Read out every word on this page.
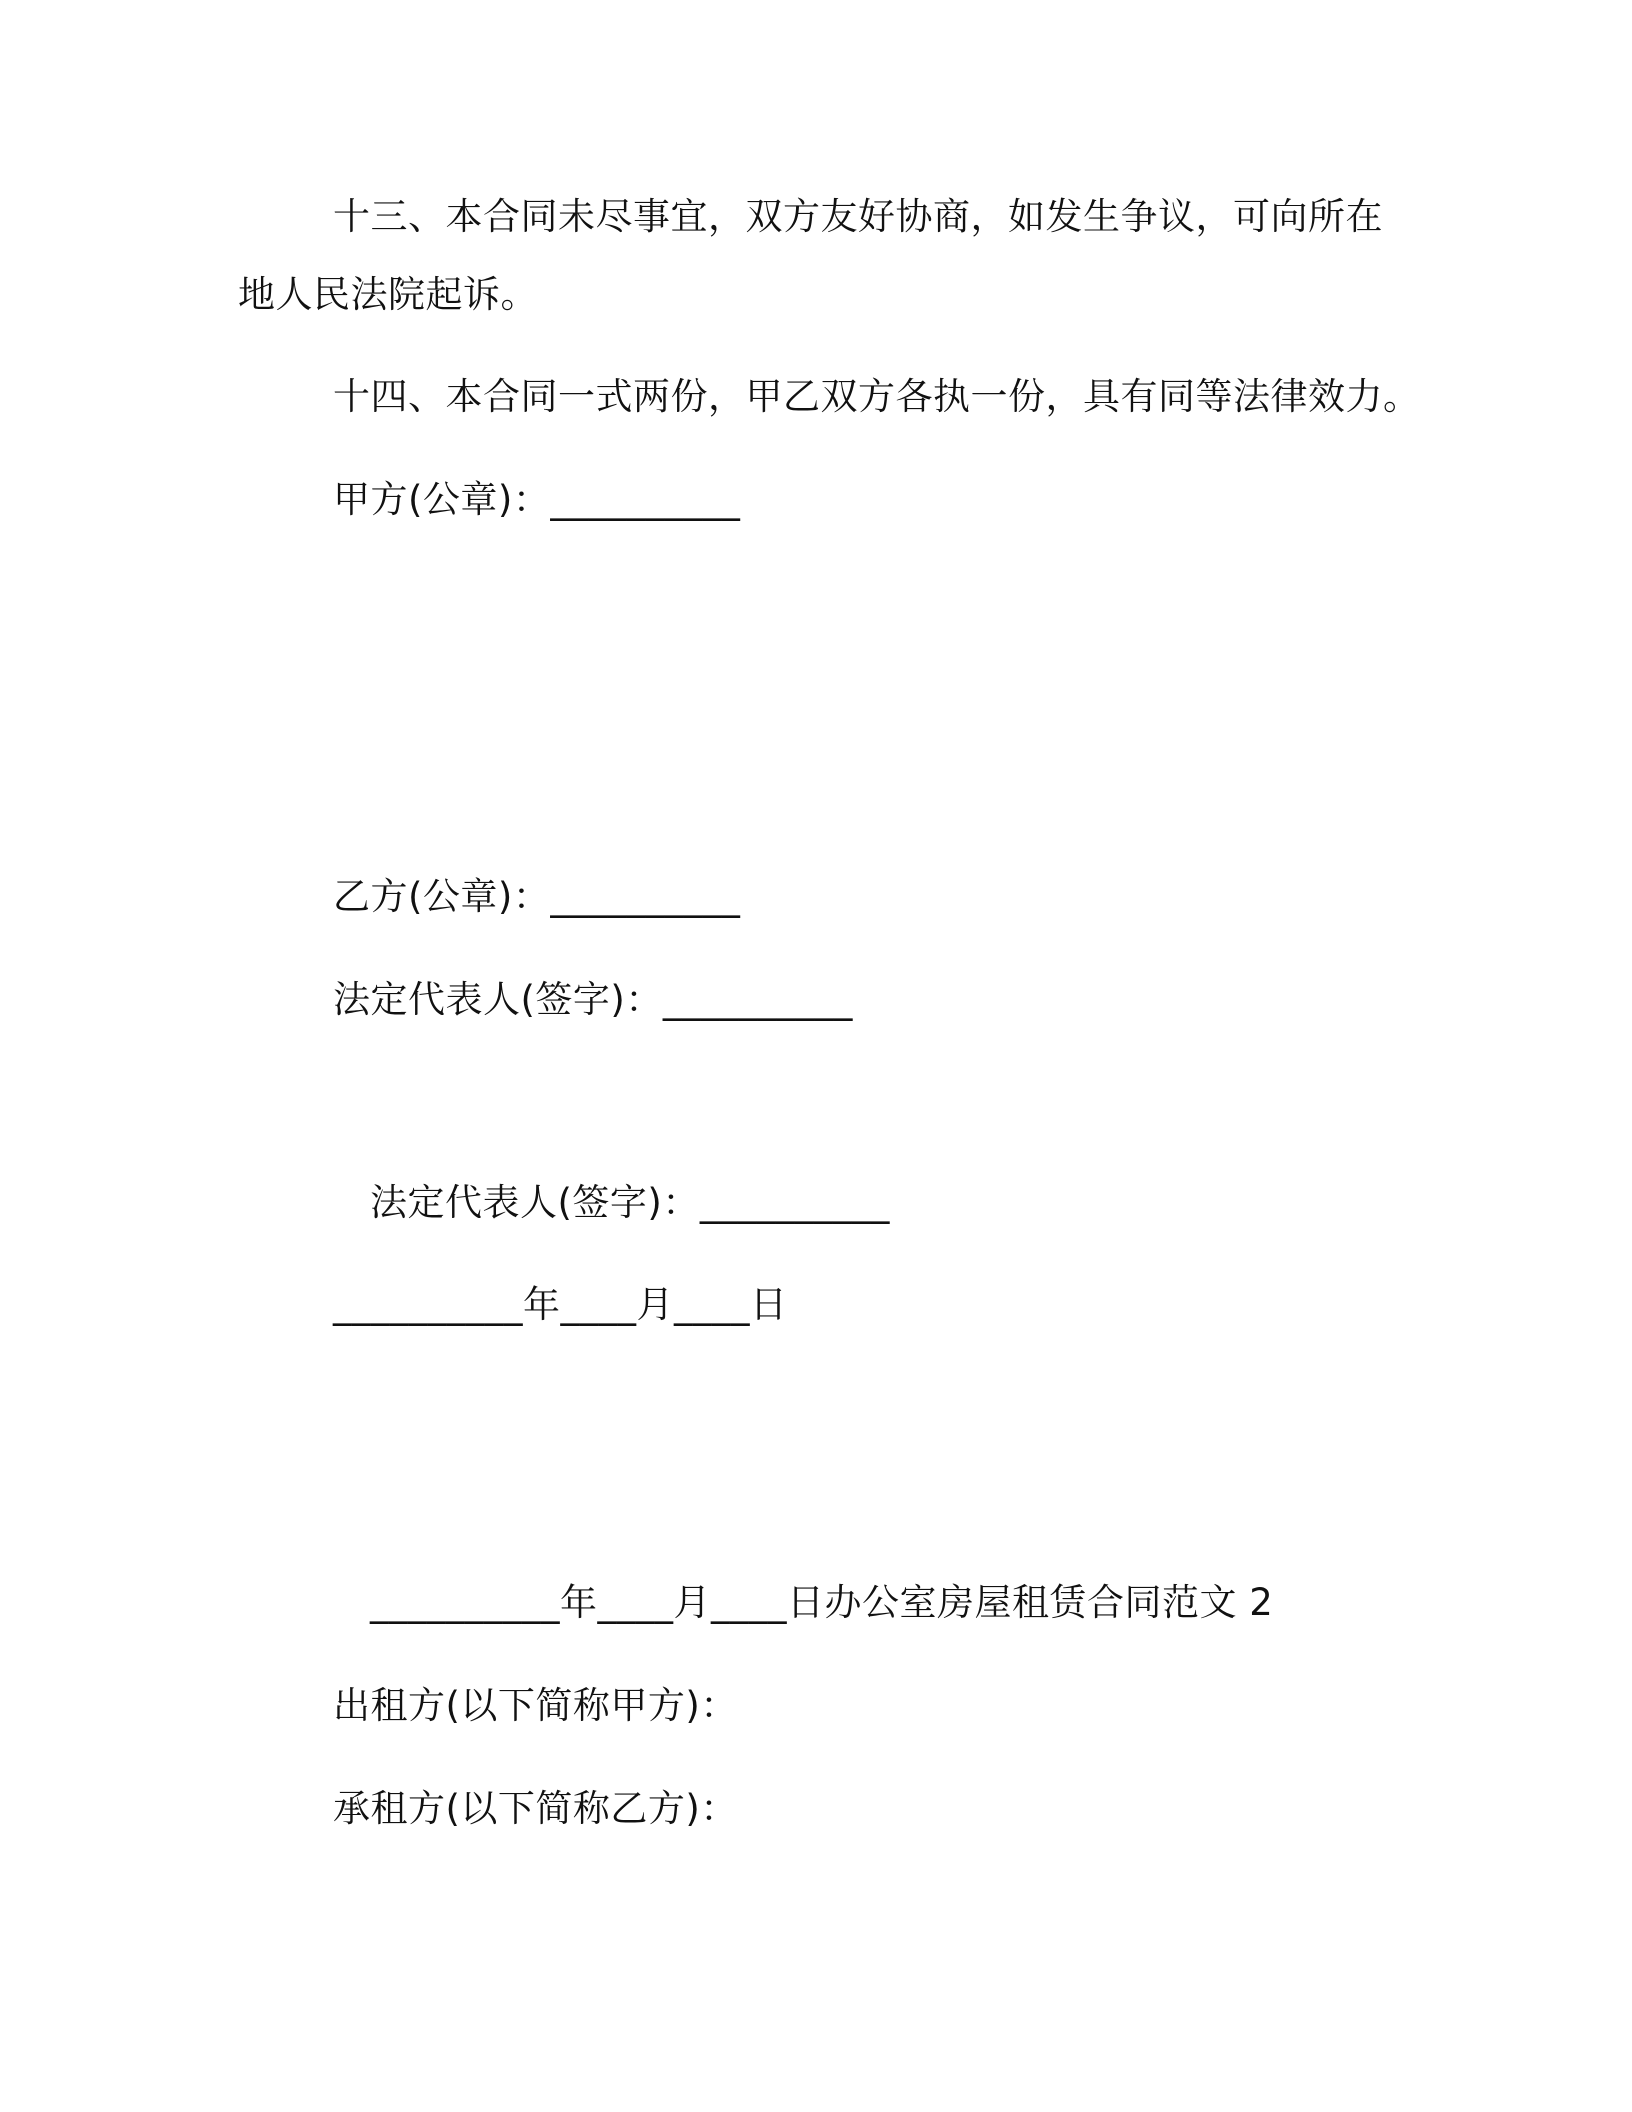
十三、本合同未尽事宜，双方友好协商，如发生争议，可向所在
地人民法院起诉。
十四、本合同一式两份，甲乙双方各执一份，具有同等法律效力。
甲方(公章)：__________
乙方(公章)：__________
法定代表人(签字)：__________
法定代表人(签字)：__________
__________年____月____日
__________年____月____日办公室房屋租赁合同范文 2
出租方(以下简称甲方)：
承租方(以下简称乙方)：
